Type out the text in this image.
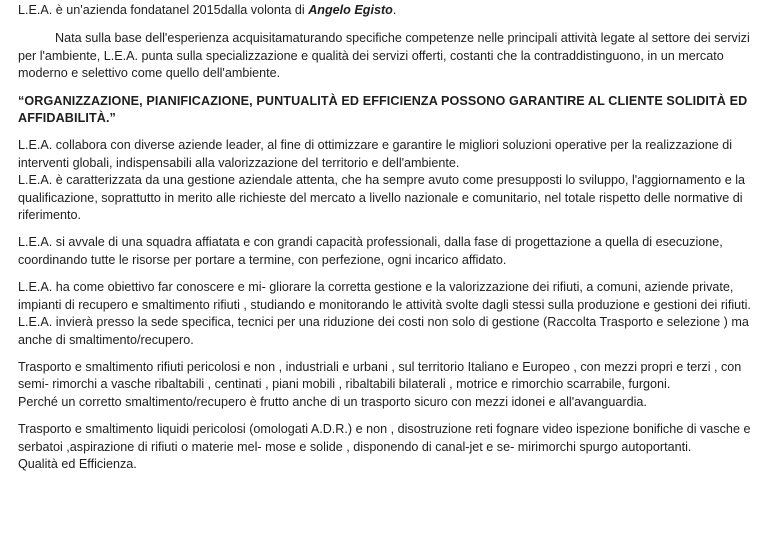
L.E.A. è un'azienda fondatanel 2015dalla volonta di Angelo Egisto.

Nata sulla base dell'esperienza acquisitamaturando specifiche competenze nelle principali attività legate al settore dei servizi per l'ambiente, L.E.A. punta sulla specializzazione e qualità dei servizi offerti, costanti che la contraddistinguono, in un mercato moderno e selettivo come quello dell'ambiente.

“ORGANIZZAZIONE, PIANIFICAZIONE, PUNTUALITÀ ED EFFICIENZA POSSONO GARANTIRE AL CLIENTE SOLIDITÀ ED AFFIDABILITÀ.”

L.E.A. collabora con diverse aziende leader, al fine di ottimizzare e garantire le migliori soluzioni operative per la realizzazione di interventi globali, indispensabili alla valorizzazione del territorio e dell'ambiente.

L.E.A. è caratterizzata da una gestione aziendale attenta, che ha sempre avuto come presupposti lo sviluppo, l'aggiornamento e la qualificazione, soprattutto in merito alle richieste del mercato a livello nazionale e comunitario, nel totale rispetto delle normative di riferimento.

L.E.A. si avvale di una squadra affiatata e con grandi capacità professionali, dalla fase di progettazione a quella di esecuzione, coordinando tutte le risorse per portare a termine, con perfezione, ogni incarico affidato.

L.E.A. ha come obiettivo far conoscere e mi- gliorare la corretta gestione e la valorizzazione dei rifiuti, a comuni, aziende private, impianti di recupero e smaltimento rifiuti , studiando e monitorando le attività svolte dagli stessi sulla produzione e gestioni dei rifiuti.

L.E.A. invierà presso la sede specifica, tecnici per una riduzione dei costi non solo di gestione (Raccolta Trasporto e selezione ) ma anche di smaltimento/recupero.

Trasporto e smaltimento rifiuti pericolosi e non , industriali e urbani , sul territorio Italiano e Europeo , con mezzi propri e terzi , con semi- rimorchi a vasche ribaltabili , centinati , piani mobili , ribaltabili bilaterali , motrice e rimorchio scarrabile, furgoni.

Perché un corretto smaltimento/recupero è frutto anche di un trasporto sicuro con mezzi idonei e all'avanguardia.

Trasporto e smaltimento liquidi pericolosi (omologati A.D.R.) e non , disostruzione reti fognare video ispezione bonifiche di vasche e serbatoi ,aspirazione di rifiuti o materie mel- mose e solide , disponendo di canal-jet e se- mirimorchi spurgo autoportanti.

Qualità ed Efficienza.
